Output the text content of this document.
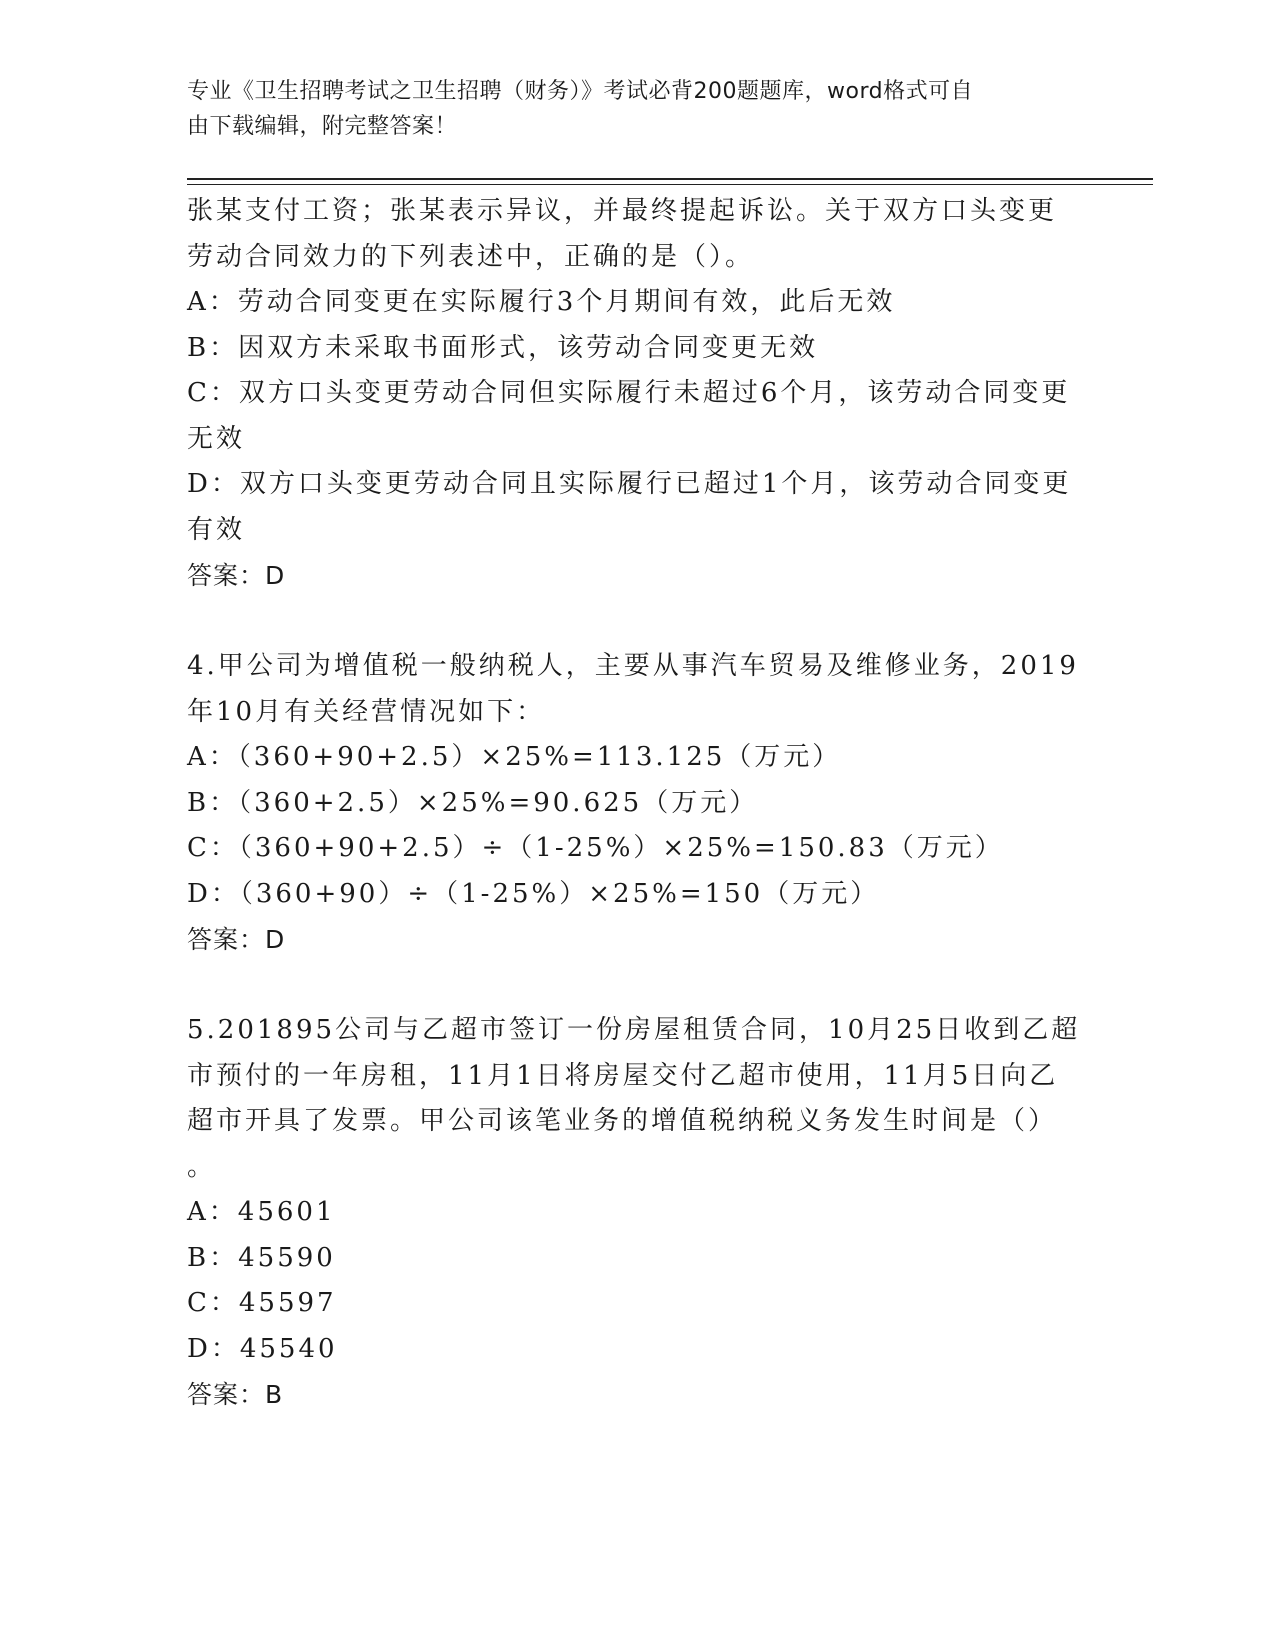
专业《卫生招聘考试之卫生招聘（财务）》考试必背200题题库，word格式可自
由下载编辑，附完整答案！
张某支付工资；张某表示异议，并最终提起诉讼。关于双方口头变更
劳动合同效力的下列表述中，正确的是（）。
A：劳动合同变更在实际履行3个月期间有效，此后无效
B：因双方未采取书面形式，该劳动合同变更无效
C：双方口头变更劳动合同但实际履行未超过6个月，该劳动合同变更
无效
D：双方口头变更劳动合同且实际履行已超过1个月，该劳动合同变更
有效
答案：D
4.甲公司为增值税一般纳税人，主要从事汽车贸易及维修业务，2019
年10月有关经营情况如下：
A：（360+90+2.5）×25%=113.125（万元）
B：（360+2.5）×25%=90.625（万元）
C：（360+90+2.5）÷（1-25%）×25%=150.83（万元）
D：（360+90）÷（1-25%）×25%=150（万元）
答案：D
5.201895公司与乙超市签订一份房屋租赁合同，10月25日收到乙超
市预付的一年房租，11月1日将房屋交付乙超市使用，11月5日向乙
超市开具了发票。甲公司该笔业务的增值税纳税义务发生时间是（）
。
A：45601
B：45590
C：45597
D：45540
答案：B
